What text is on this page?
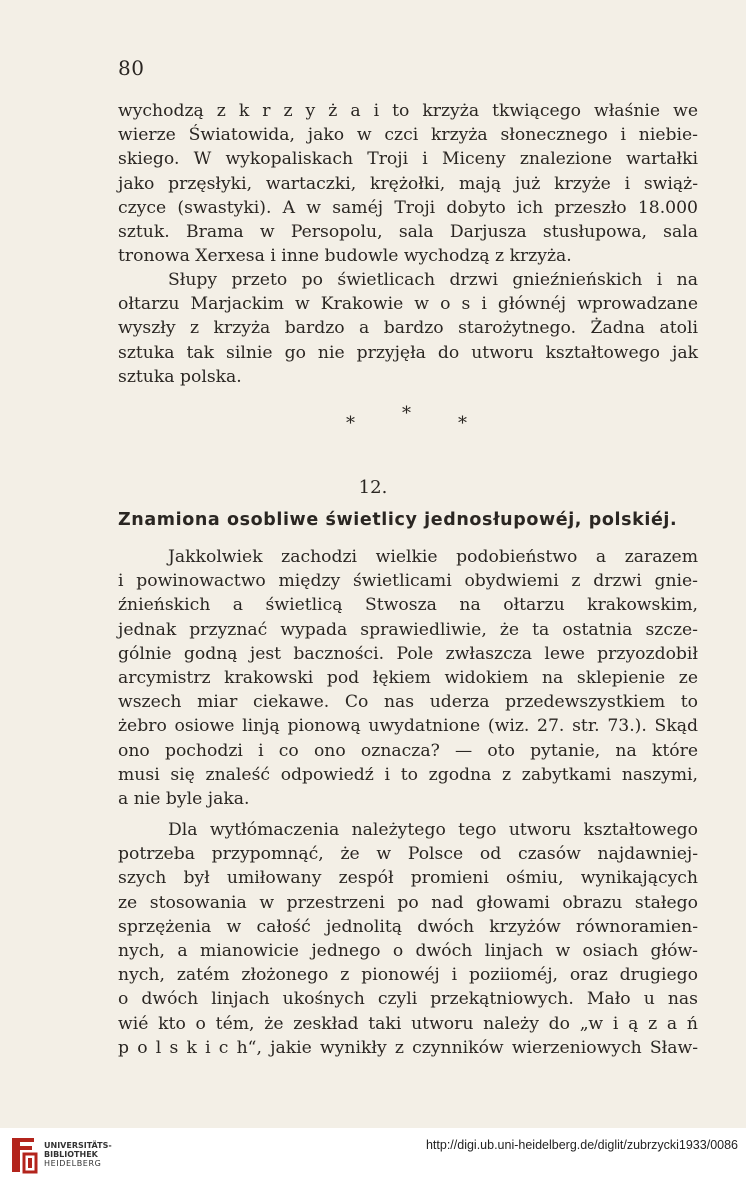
80
wychodzą z k r z y ż a i to krzyża tkwiącego właśnie we
wierze Światowida, jako w czci krzyża słonecznego i niebie-
skiego. W wykopaliskach Troji i Miceny znalezione wartałki
jako przęsłyki, wartaczki, krężołki, mają już krzyże i swiąż-
czyce (swastyki). A w saméj Troji dobyto ich przeszło 18.000
sztuk. Brama w Persopolu, sala Darjusza stusłupowa, sala
tronowa Xerxesa i inne budowle wychodzą z krzyża.
Słupy przeto po świetlicach drzwi gnieźnieńskich i na
ołtarzu Marjackim w Krakowie w o s i głównéj wprowadzane
wyszły z krzyża bardzo a bardzo starożytnego. Żadna atoli
sztuka tak silnie go nie przyjęła do utworu kształtowego jak
sztuka polska.
*	*	*
12.
Znamiona osobliwe świetlicy jednosłupowéj, polskiéj.
Jakkolwiek zachodzi wielkie podobieństwo a zarazem
i powinowactwo między świetlicami obydwiemi z drzwi gnie-
źnieńskich a świetlicą Stwosza na ołtarzu krakowskim,
jednak przyznać wypada sprawiedliwie, że ta ostatnia szcze-
gólnie godną jest baczności. Pole zwłaszcza lewe przyozdobił
arcymistrz krakowski pod łękiem widokiem na sklepienie ze
wszech miar ciekawe. Co nas uderza przedewszystkiem to
żebro osiowe linją pionową uwydatnione (wiz. 27. str. 73.). Skąd
ono pochodzi i co ono oznacza? — oto pytanie, na które
musi się znaleść odpowiedź i to zgodna z zabytkami naszymi,
a nie byle jaka.
Dla wytłómaczenia należytego tego utworu kształtowego
potrzeba przypomnąć, że w Polsce od czasów najdawniej-
szych był umiłowany zespół promieni ośmiu, wynikających
ze stosowania w przestrzeni po nad głowami obrazu stałego
sprzężenia w całość jednolitą dwóch krzyżów równoramien-
nych, a mianowicie jednego o dwóch linjach w osiach głów-
nych, zatém złożonego z pionowéj i poziioméj, oraz drugiego
o dwóch linjach ukośnych czyli przekątniowych. Mało u nas
wié kto o tém, że zeskład taki utworu należy do „w i ą z a ń
p o l s k i c h“, jakie wynikły z czynników wierzeniowych Sław-
UNIVERSITÄTS-
BIBLIOTHEK
HEIDELBERG
http://digi.ub.uni-heidelberg.de/diglit/zubrzycki1933/0086
